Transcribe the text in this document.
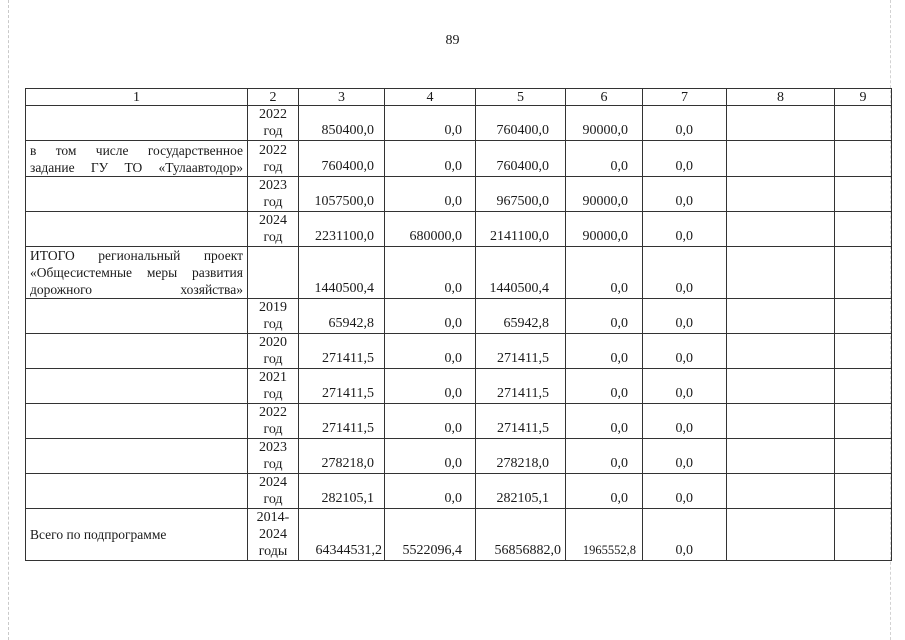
89
1	2	3	4	5	6	7	8	9

	2022
год	850400,0	0,0	760400,0	90000,0	0,0		
в том числе государственное задание ГУ ТО «Тулаавтодор»	2022
год	760400,0	0,0	760400,0	0,0	0,0		

	2023
год	1057500,0	0,0	967500,0	90000,0	0,0		

	2024
год	2231100,0	680000,0	2141100,0	90000,0	0,0		
ИТОГО региональный проект «Общесистемные меры развития дорожного хозяйства»		1440500,4	0,0	1440500,4	0,0	0,0		

	2019
год	65942,8	0,0	65942,8	0,0	0,0		

	2020
год	271411,5	0,0	271411,5	0,0	0,0		

	2021
год	271411,5	0,0	271411,5	0,0	0,0		

	2022
год	271411,5	0,0	271411,5	0,0	0,0		

	2023
год	278218,0	0,0	278218,0	0,0	0,0		

	2024
год	282105,1	0,0	282105,1	0,0	0,0		
Всего по подпрограмме	2014-
2024
годы	64344531,2	5522096,4	56856882,0	1965552,8	0,0		
